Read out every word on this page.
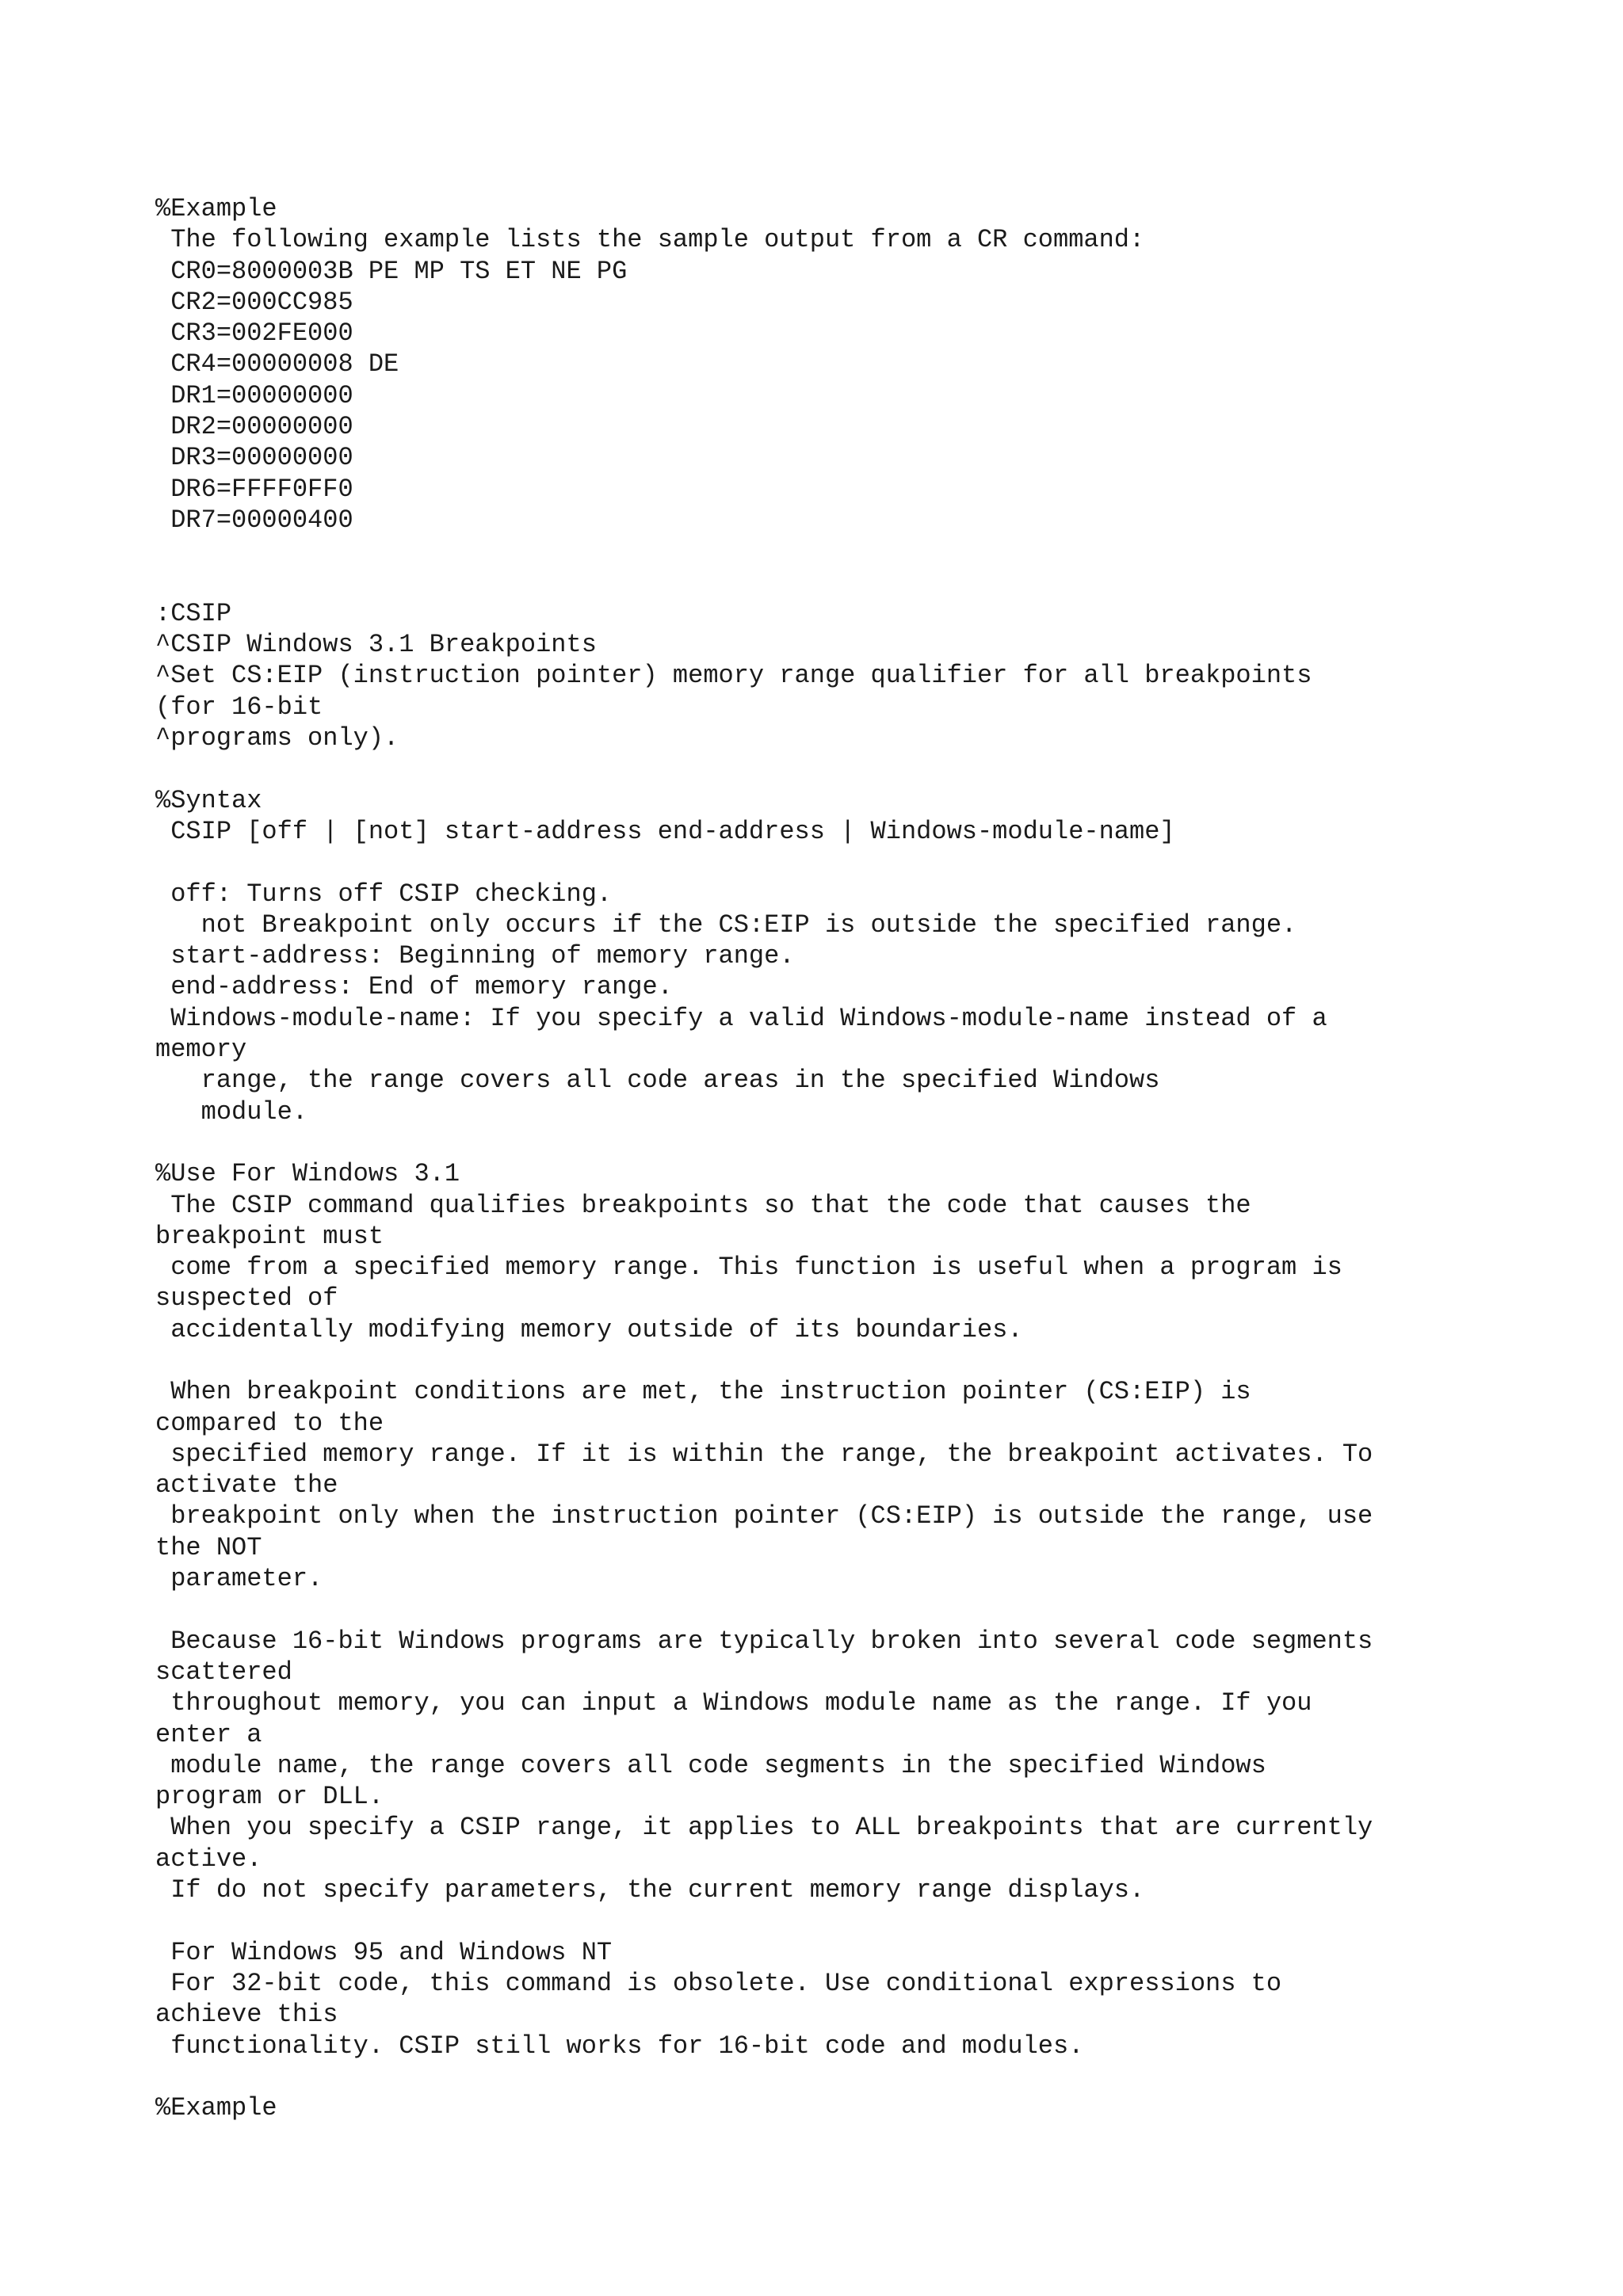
%Example
The following example lists the sample output from a CR command:
CR0=8000003B PE MP TS ET NE PG
CR2=000CC985
CR3=002FE000
CR4=00000008 DE
DR1=00000000
DR2=00000000
DR3=00000000
DR6=FFFF0FF0
DR7=00000400
:CSIP
^CSIP Windows 3.1 Breakpoints
^Set CS:EIP (instruction pointer) memory range qualifier for all breakpoints
(for 16-bit
^programs only).
%Syntax
CSIP [off | [not] start-address end-address | Windows-module-name]
off: Turns off CSIP checking.
not Breakpoint only occurs if the CS:EIP is outside the specified range.
start-address: Beginning of memory range.
end-address: End of memory range.
Windows-module-name: If you specify a valid Windows-module-name instead of a
memory
range, the range covers all code areas in the specified Windows
module.
%Use For Windows 3.1
The CSIP command qualifies breakpoints so that the code that causes the
breakpoint must
come from a specified memory range. This function is useful when a program is
suspected of
accidentally modifying memory outside of its boundaries.
When breakpoint conditions are met, the instruction pointer (CS:EIP) is
compared to the
specified memory range. If it is within the range, the breakpoint activates. To
activate the
breakpoint only when the instruction pointer (CS:EIP) is outside the range, use
the NOT
parameter.
Because 16-bit Windows programs are typically broken into several code segments
scattered
throughout memory, you can input a Windows module name as the range. If you
enter a
module name, the range covers all code segments in the specified Windows
program or DLL.
When you specify a CSIP range, it applies to ALL breakpoints that are currently
active.
If do not specify parameters, the current memory range displays.
For Windows 95 and Windows NT
For 32-bit code, this command is obsolete. Use conditional expressions to
achieve this
functionality. CSIP still works for 16-bit code and modules.
%Example
